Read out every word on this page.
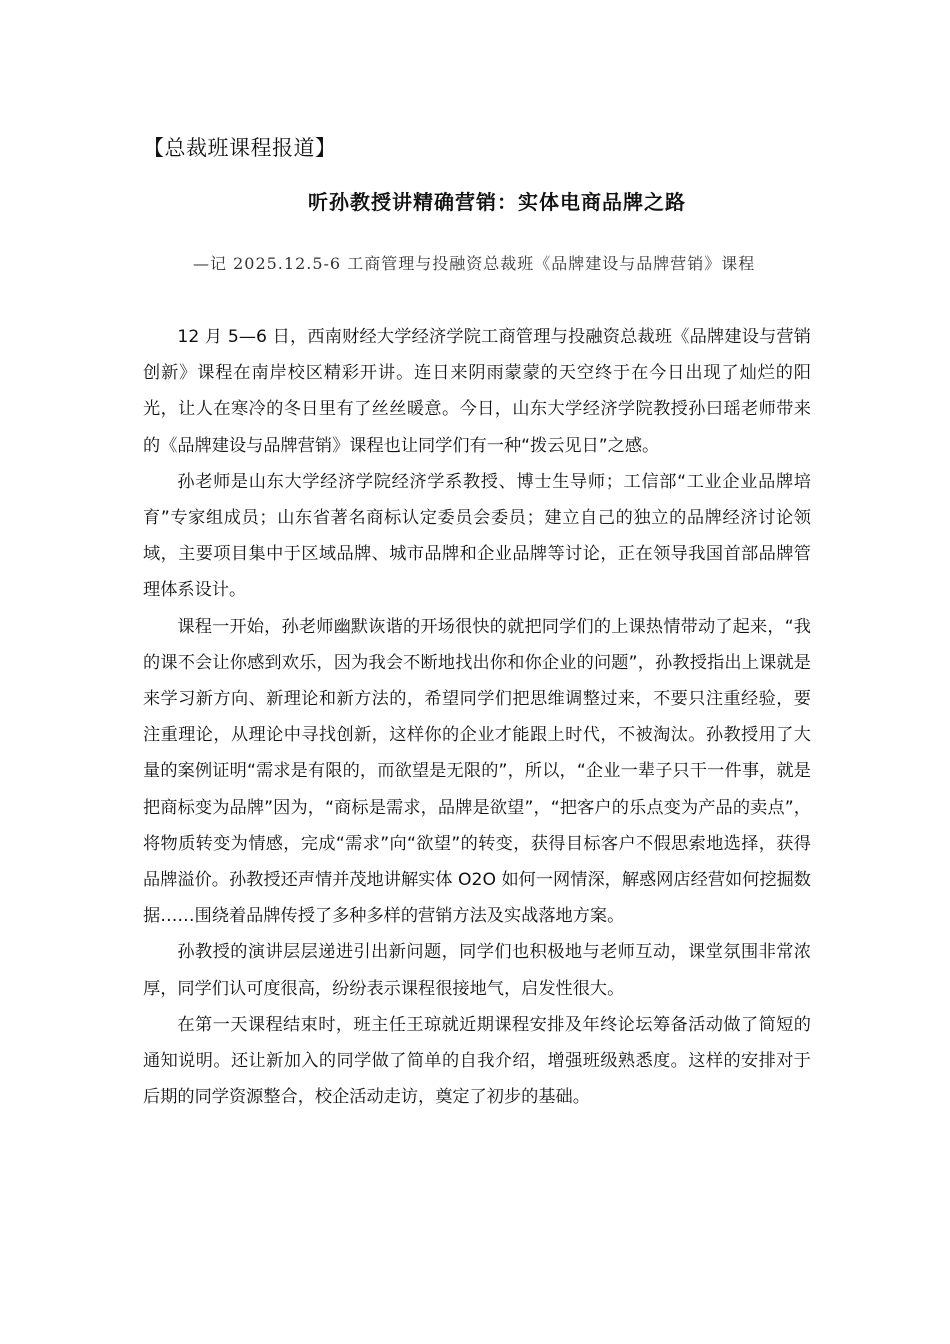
【总裁班课程报道】
听孙教授讲精确营销：实体电商品牌之路
—记 2025.12.5-6 工商管理与投融资总裁班《品牌建设与品牌营销》课程

12 月 5—6 日，西南财经大学经济学院工商管理与投融资总裁班《品牌建设与营销创新》课程在南岸校区精彩开讲。连日来阴雨蒙蒙的天空终于在今日出现了灿烂的阳光，让人在寒冷的冬日里有了丝丝暖意。今日，山东大学经济学院教授孙曰瑶老师带来的《品牌建设与品牌营销》课程也让同学们有一种“拨云见日”之感。

孙老师是山东大学经济学院经济学系教授、博士生导师；工信部“工业企业品牌培育”专家组成员；山东省著名商标认定委员会委员；建立自己的独立的品牌经济讨论领域，主要项目集中于区域品牌、城市品牌和企业品牌等讨论，正在领导我国首部品牌管理体系设计。

课程一开始，孙老师幽默诙谐的开场很快的就把同学们的上课热情带动了起来，“我的课不会让你感到欢乐，因为我会不断地找出你和你企业的问题”，孙教授指出上课就是来学习新方向、新理论和新方法的，希望同学们把思维调整过来，不要只注重经验，要注重理论，从理论中寻找创新，这样你的企业才能跟上时代，不被淘汰。孙教授用了大量的案例证明“需求是有限的，而欲望是无限的”，所以，“企业一辈子只干一件事，就是把商标变为品牌”因为，“商标是需求，品牌是欲望”，“把客户的乐点变为产品的卖点”，将物质转变为情感，完成“需求”向“欲望”的转变，获得目标客户不假思索地选择，获得品牌溢价。孙教授还声情并茂地讲解实体 O2O 如何一网情深，解惑网店经营如何挖掘数据……围绕着品牌传授了多种多样的营销方法及实战落地方案。

孙教授的演讲层层递进引出新问题，同学们也积极地与老师互动，课堂氛围非常浓厚，同学们认可度很高，纷纷表示课程很接地气，启发性很大。

在第一天课程结束时，班主任王琼就近期课程安排及年终论坛筹备活动做了简短的通知说明。还让新加入的同学做了简单的自我介绍，增强班级熟悉度。这样的安排对于后期的同学资源整合，校企活动走访，奠定了初步的基础。
